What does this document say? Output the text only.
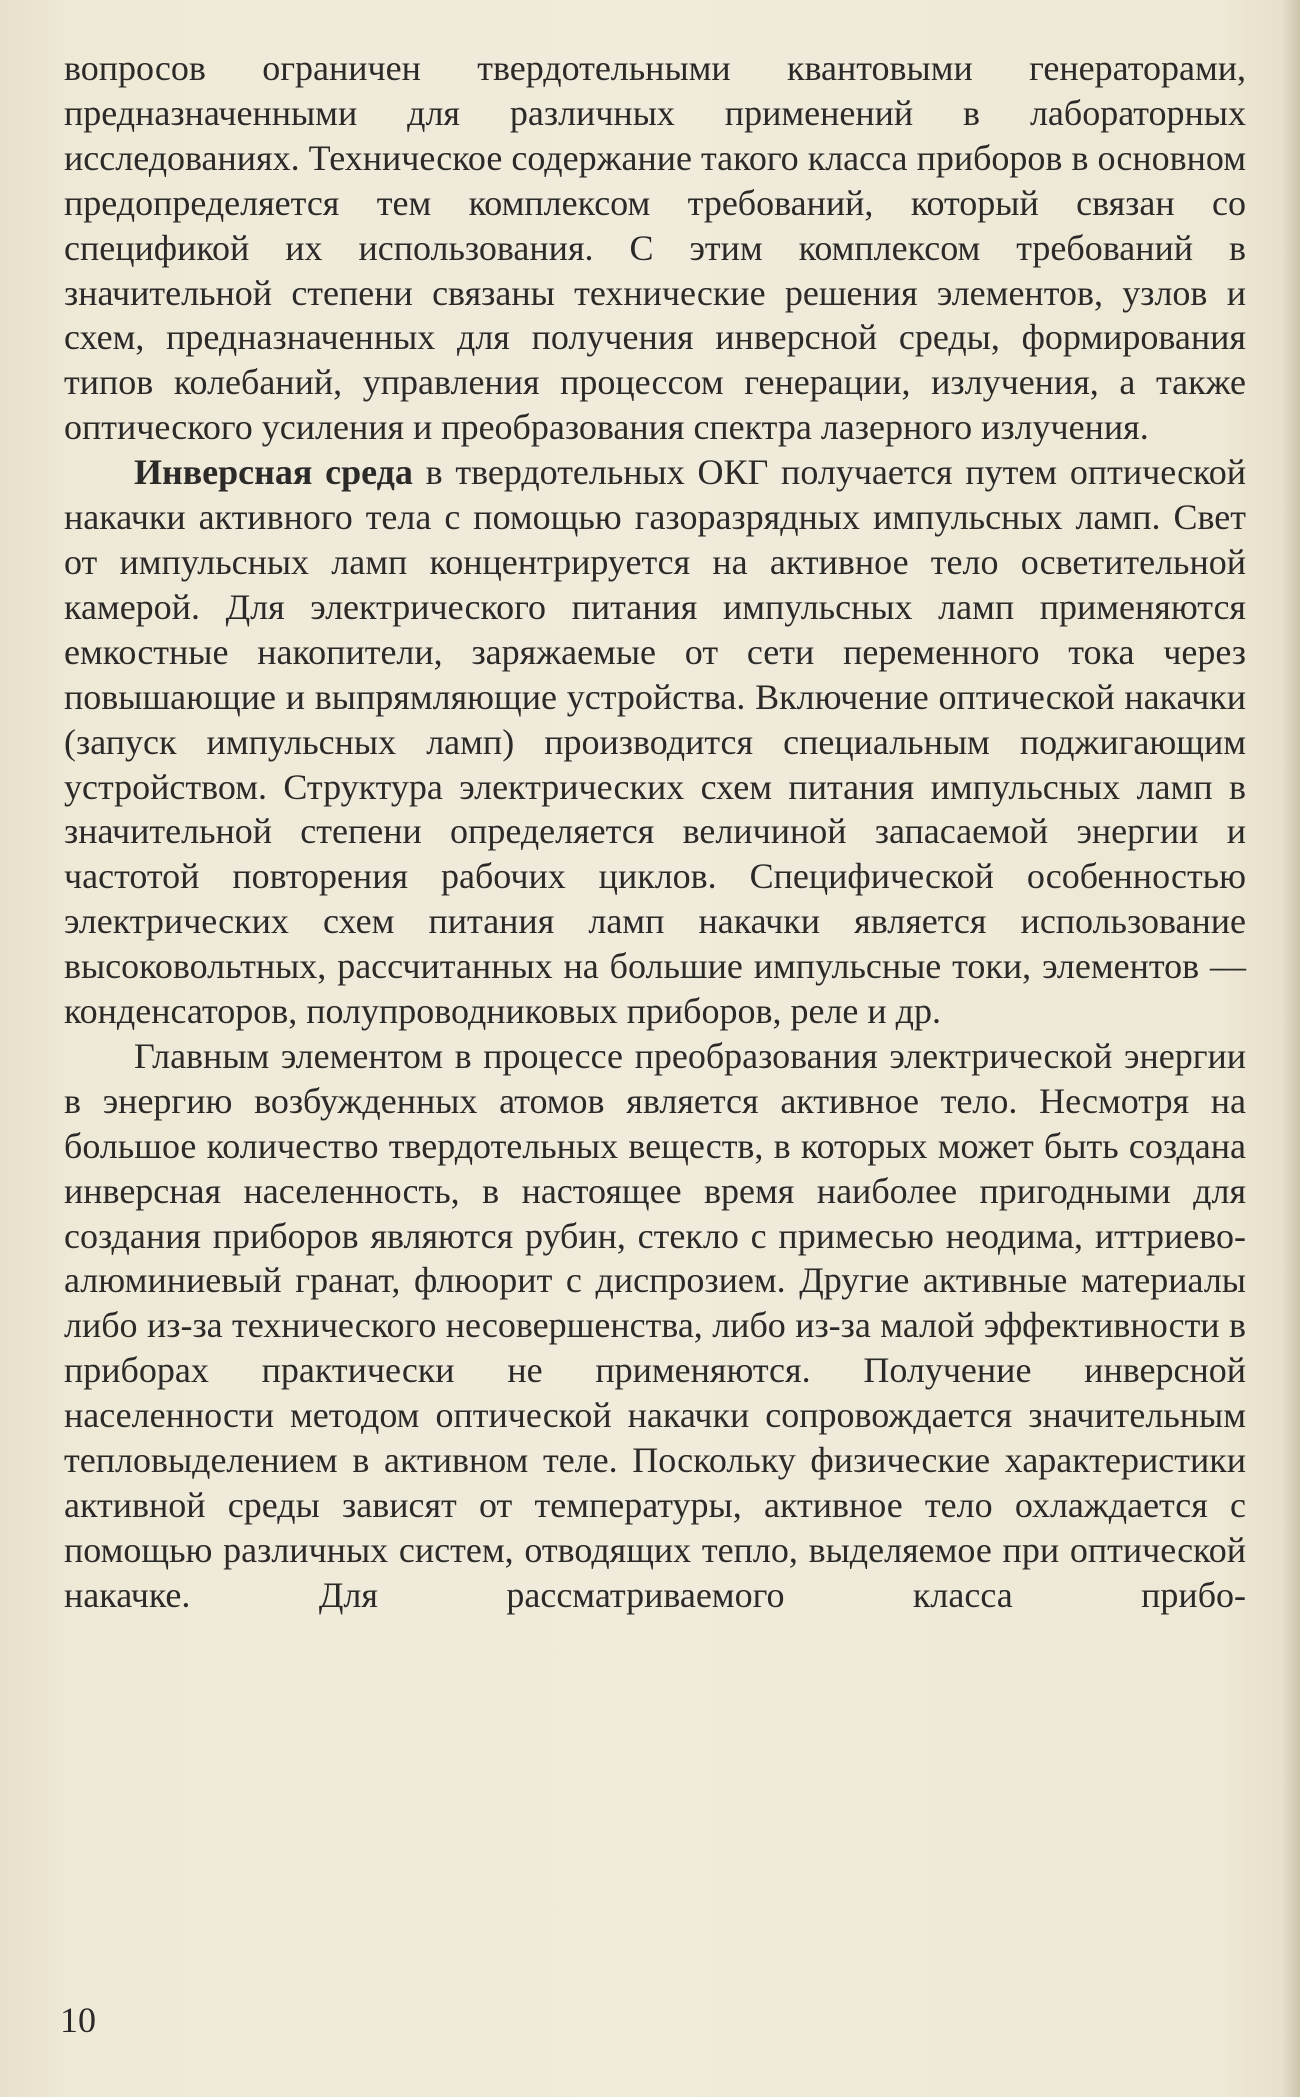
вопросов ограничен твердотельными квантовыми генераторами, предназначенными для различных применений в лабораторных исследованиях. Техническое содержание такого класса приборов в основном предопределяется тем комплексом требований, который связан со спецификой их использования. С этим комплексом требований в значительной степени связаны технические решения элементов, узлов и схем, предназначенных для получения инверсной среды, формирования типов колебаний, управления процессом генерации, излучения, а также оптического усиления и преобразования спектра лазерного излучения.

Инверсная среда в твердотельных ОКГ получается путем оптической накачки активного тела с помощью газоразрядных импульсных ламп. Свет от импульсных ламп концентрируется на активное тело осветительной камерой. Для электрического питания импульсных ламп применяются емкостные накопители, заряжаемые от сети переменного тока через повышающие и выпрямляющие устройства. Включение оптической накачки (запуск импульсных ламп) производится специальным поджигающим устройством. Структура электрических схем питания импульсных ламп в значительной степени определяется величиной запасаемой энергии и частотой повторения рабочих циклов. Специфической особенностью электрических схем питания ламп накачки является использование высоковольтных, рассчитанных на большие импульсные токи, элементов — конденсаторов, полупроводниковых приборов, реле и др.

Главным элементом в процессе преобразования электрической энергии в энергию возбужденных атомов является активное тело. Несмотря на большое количество твердотельных веществ, в которых может быть создана инверсная населенность, в настоящее время наиболее пригодными для создания приборов являются рубин, стекло с примесью неодима, иттриево-алюминиевый гранат, флюорит с диспрозием. Другие активные материалы либо из-за технического несовершенства, либо из-за малой эффективности в приборах практически не применяются. Получение инверсной населенности методом оптической накачки сопровождается значительным тепловыделением в активном теле. Поскольку физические характеристики активной среды зависят от температуры, активное тело охлаждается с помощью различных систем, отводящих тепло, выделяемое при оптической накачке. Для рассматриваемого класса прибо-

10
